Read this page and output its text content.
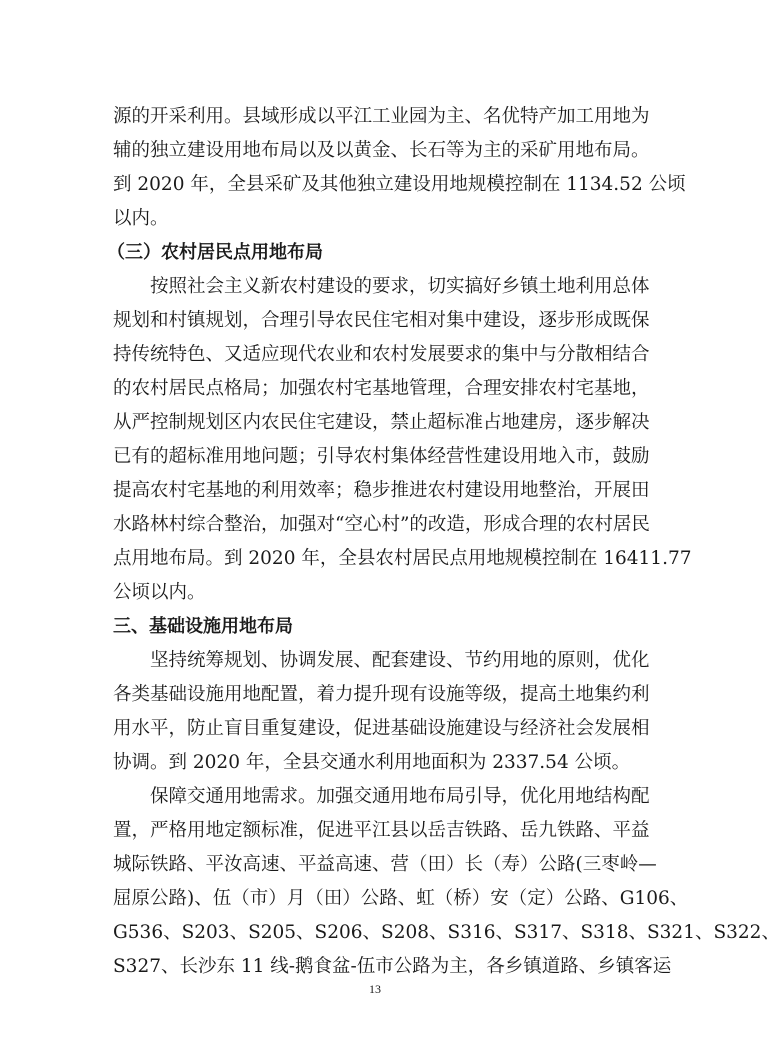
源的开采利用。县域形成以平江工业园为主、名优特产加工用地为
辅的独立建设用地布局以及以黄金、长石等为主的采矿用地布局。
到 2020 年，全县采矿及其他独立建设用地规模控制在 1134.52 公顷
以内。
（三）农村居民点用地布局
按照社会主义新农村建设的要求，切实搞好乡镇土地利用总体
规划和村镇规划，合理引导农民住宅相对集中建设，逐步形成既保
持传统特色、又适应现代农业和农村发展要求的集中与分散相结合
的农村居民点格局；加强农村宅基地管理，合理安排农村宅基地，
从严控制规划区内农民住宅建设，禁止超标准占地建房，逐步解决
已有的超标准用地问题；引导农村集体经营性建设用地入市，鼓励
提高农村宅基地的利用效率；稳步推进农村建设用地整治，开展田
水路林村综合整治，加强对“空心村”的改造，形成合理的农村居民
点用地布局。到 2020 年，全县农村居民点用地规模控制在 16411.77
公顷以内。
三、基础设施用地布局
坚持统筹规划、协调发展、配套建设、节约用地的原则，优化
各类基础设施用地配置，着力提升现有设施等级，提高土地集约利
用水平，防止盲目重复建设，促进基础设施建设与经济社会发展相
协调。到 2020 年，全县交通水利用地面积为 2337.54 公顷。
保障交通用地需求。加强交通用地布局引导，优化用地结构配
置，严格用地定额标准，促进平江县以岳吉铁路、岳九铁路、平益
城际铁路、平汝高速、平益高速、营（田）长（寿）公路(三枣岭—
屈原公路)、伍（市）月（田）公路、虹（桥）安（定）公路、G106、
G536、S203、S205、S206、S208、S316、S317、S318、S321、S322、
S327、长沙东 11 线-鹅食盆-伍市公路为主，各乡镇道路、乡镇客运
13
